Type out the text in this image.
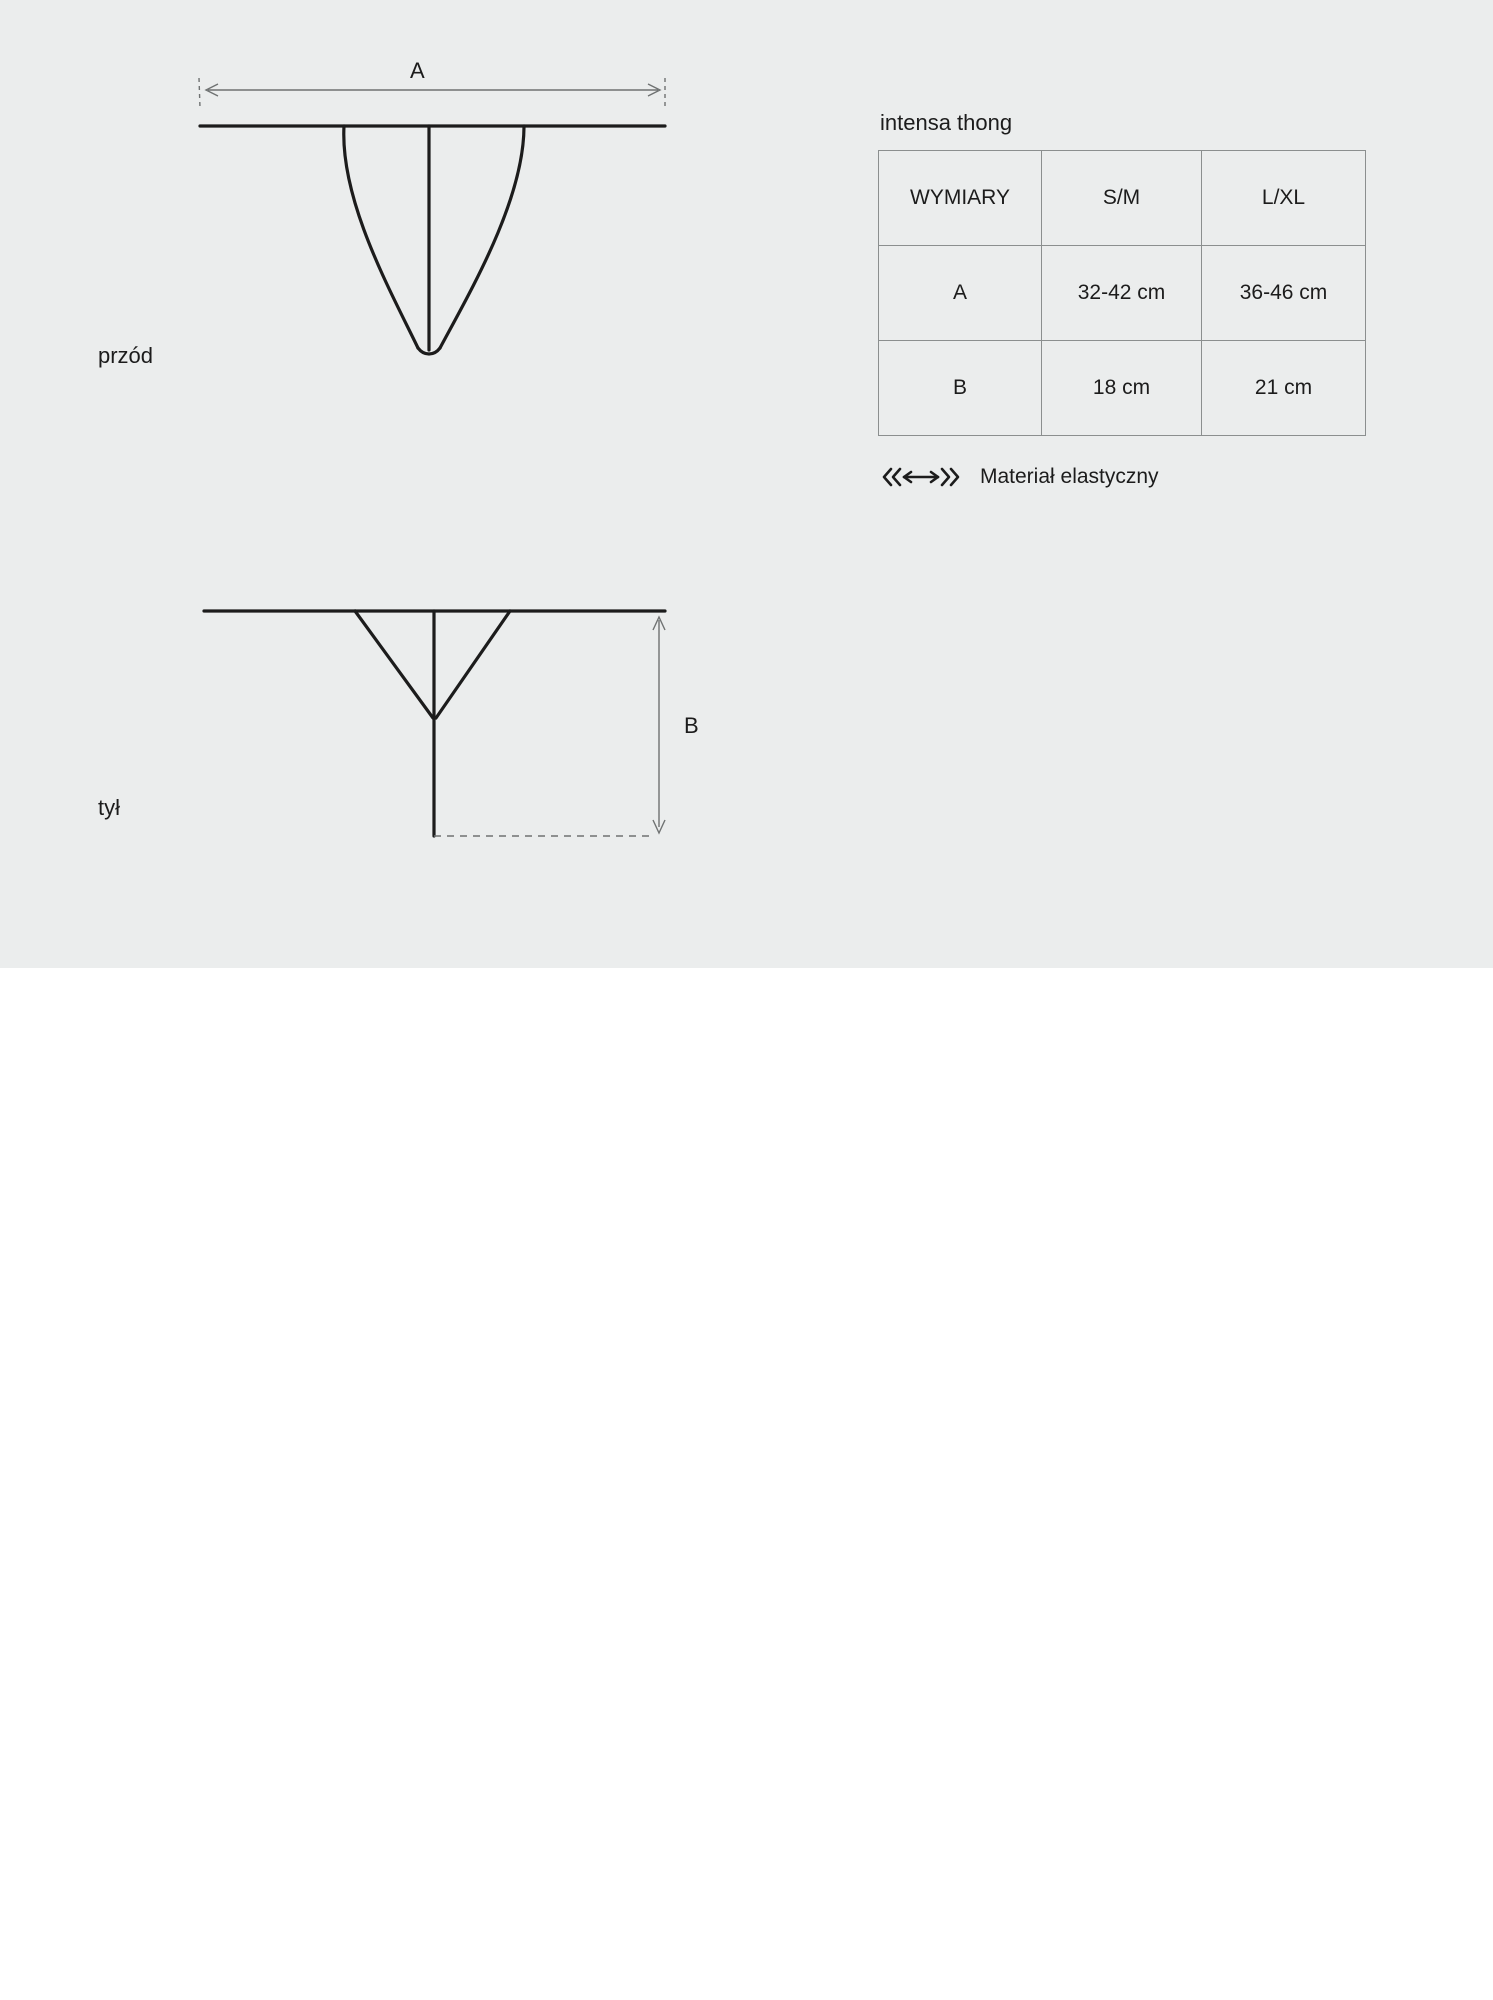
przód
tył
A
B
intensa thong
WYMIARY	S/M	L/XL
A	32-42 cm	36-46 cm
B	18 cm	21 cm
Materiał elastyczny
